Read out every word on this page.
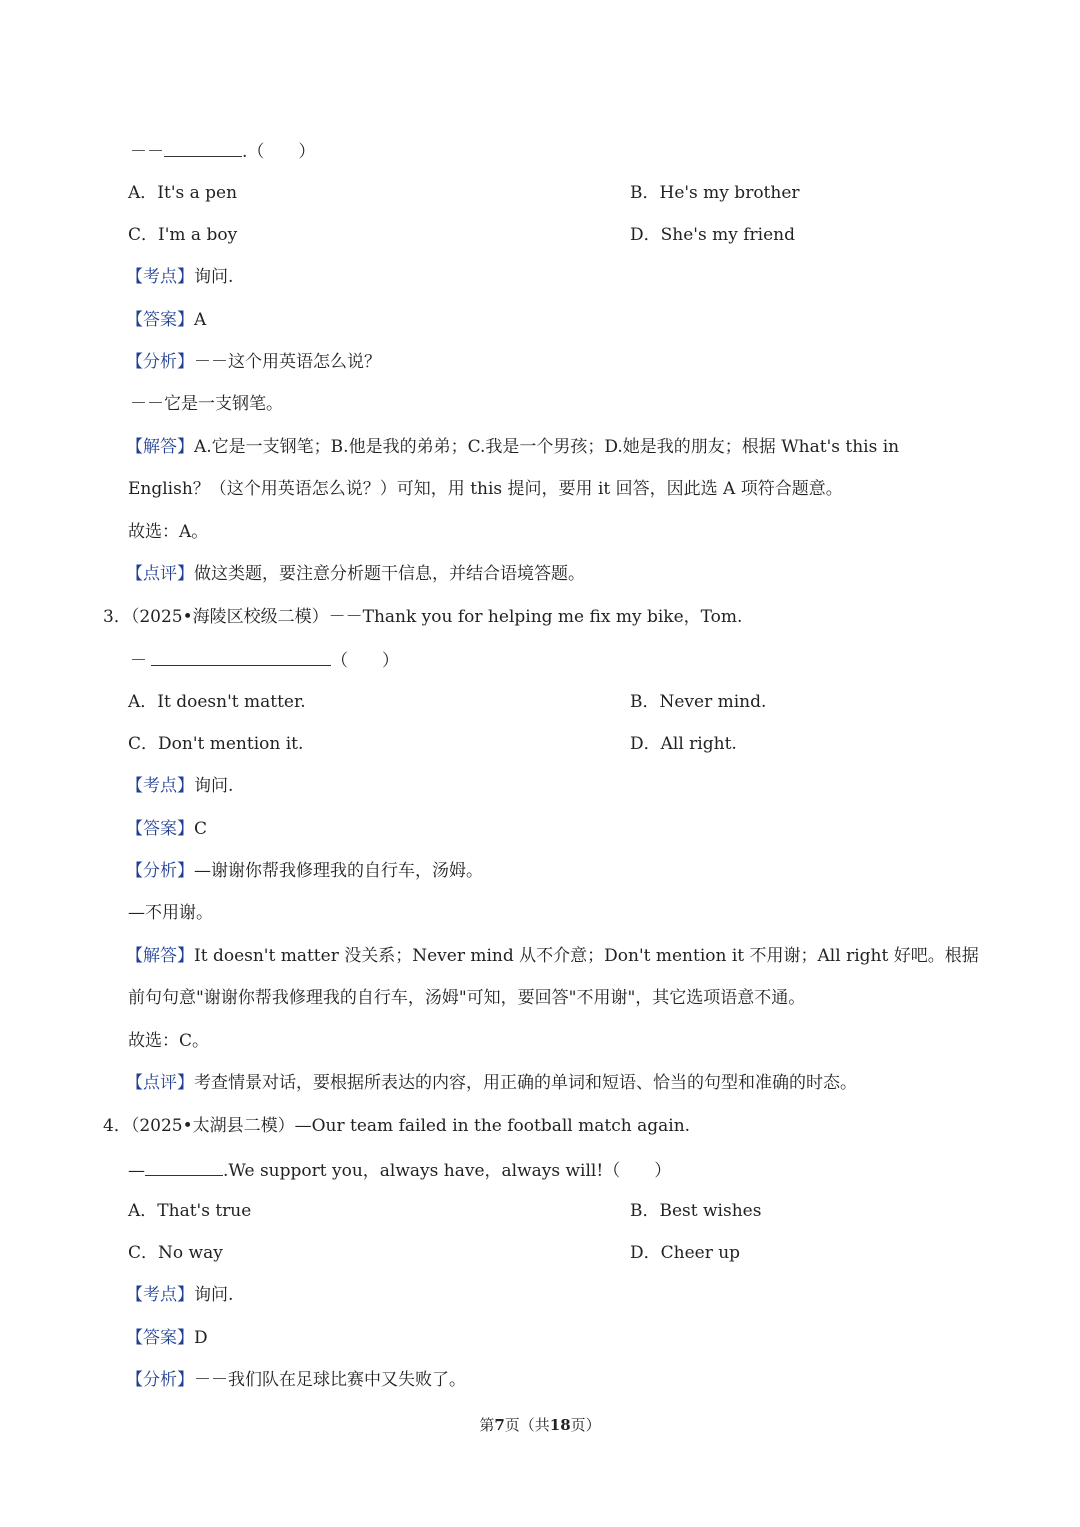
－－	.（　　）
A．It's a pen	B．He's my brother
C．I'm a boy	D．She's my friend
【考点】询问.
【答案】A
【分析】－－这个用英语怎么说？
－－它是一支钢笔。
【解答】A.它是一支钢笔；B.他是我的弟弟；C.我是一个男孩；D.她是我的朋友；根据 What's this in
English？（这个用英语怎么说？）可知，用 this 提问，要用 it 回答，因此选 A 项符合题意。
故选：A。
【点评】做这类题，要注意分析题干信息，并结合语境答题。
3．（2025•海陵区校级二模）－－Thank you for helping me fix my bike，Tom.
－	（　　）
A．It doesn't matter.	B．Never mind.
C．Don't mention it.	D．All right.
【考点】询问.
【答案】C
【分析】—谢谢你帮我修理我的自行车，汤姆。
—不用谢。
【解答】It doesn't matter 没关系；Never mind 从不介意；Don't mention it 不用谢；All right 好吧。根据
前句句意"谢谢你帮我修理我的自行车，汤姆"可知，要回答"不用谢"，其它选项语意不通。
故选：C。
【点评】考查情景对话，要根据所表达的内容，用正确的单词和短语、恰当的句型和准确的时态。
4．（2025•太湖县二模）—Our team failed in the football match again.
—	.We support you，always have，always will!（　　）
A．That's true	B．Best wishes
C．No way	D．Cheer up
【考点】询问.
【答案】D
【分析】－－我们队在足球比赛中又失败了。
第7页（共18页）
